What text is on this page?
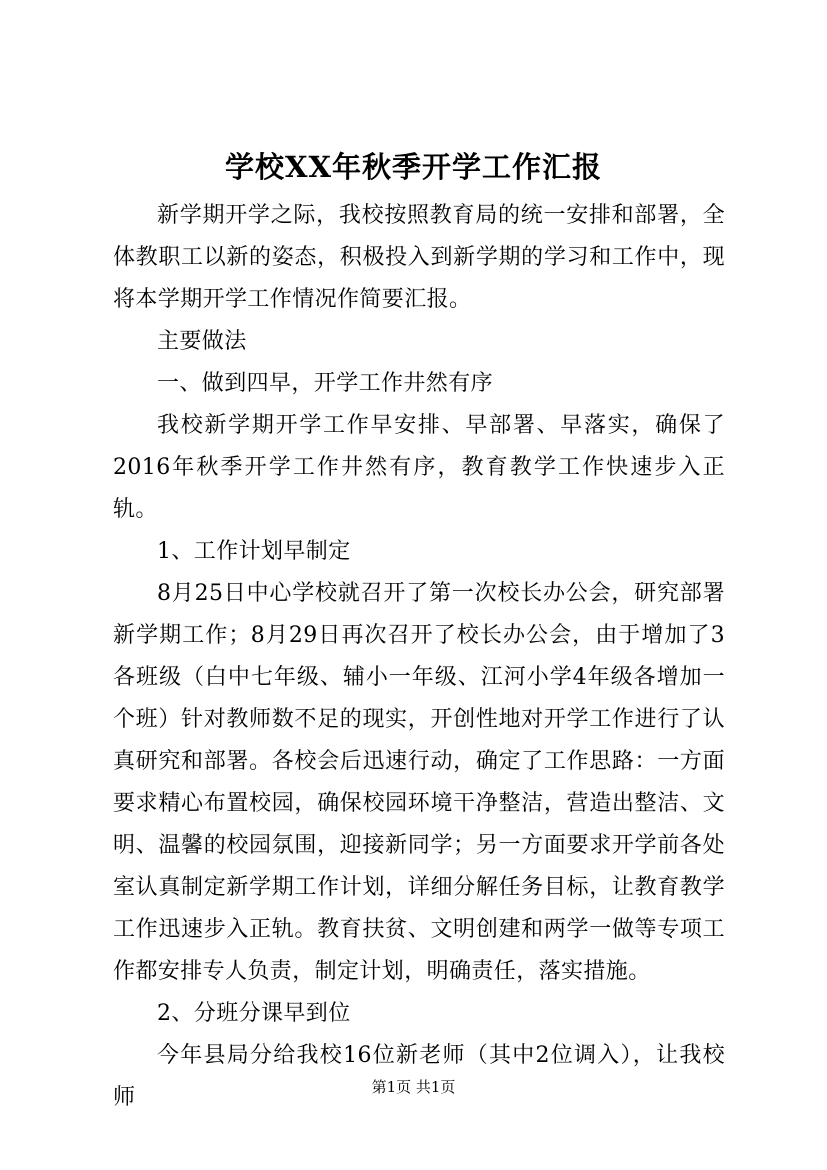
学校XX年秋季开学工作汇报

新学期开学之际，我校按照教育局的统一安排和部署，全体教职工以新的姿态，积极投入到新学期的学习和工作中，现将本学期开学工作情况作简要汇报。

主要做法

一、做到四早，开学工作井然有序

我校新学期开学工作早安排、早部署、早落实，确保了2016年秋季开学工作井然有序，教育教学工作快速步入正轨。

1、工作计划早制定

8月25日中心学校就召开了第一次校长办公会，研究部署新学期工作；8月29日再次召开了校长办公会，由于增加了3各班级（白中七年级、辅小一年级、江河小学4年级各增加一个班）针对教师数不足的现实，开创性地对开学工作进行了认真研究和部署。各校会后迅速行动，确定了工作思路：一方面要求精心布置校园，确保校园环境干净整洁，营造出整洁、文明、温馨的校园氛围，迎接新同学；另一方面要求开学前各处室认真制定新学期工作计划，详细分解任务目标，让教育教学工作迅速步入正轨。教育扶贫、文明创建和两学一做等专项工作都安排专人负责，制定计划，明确责任，落实措施。

2、分班分课早到位

今年县局分给我校16位新老师（其中2位调入），让我校师	第1页 共1页
